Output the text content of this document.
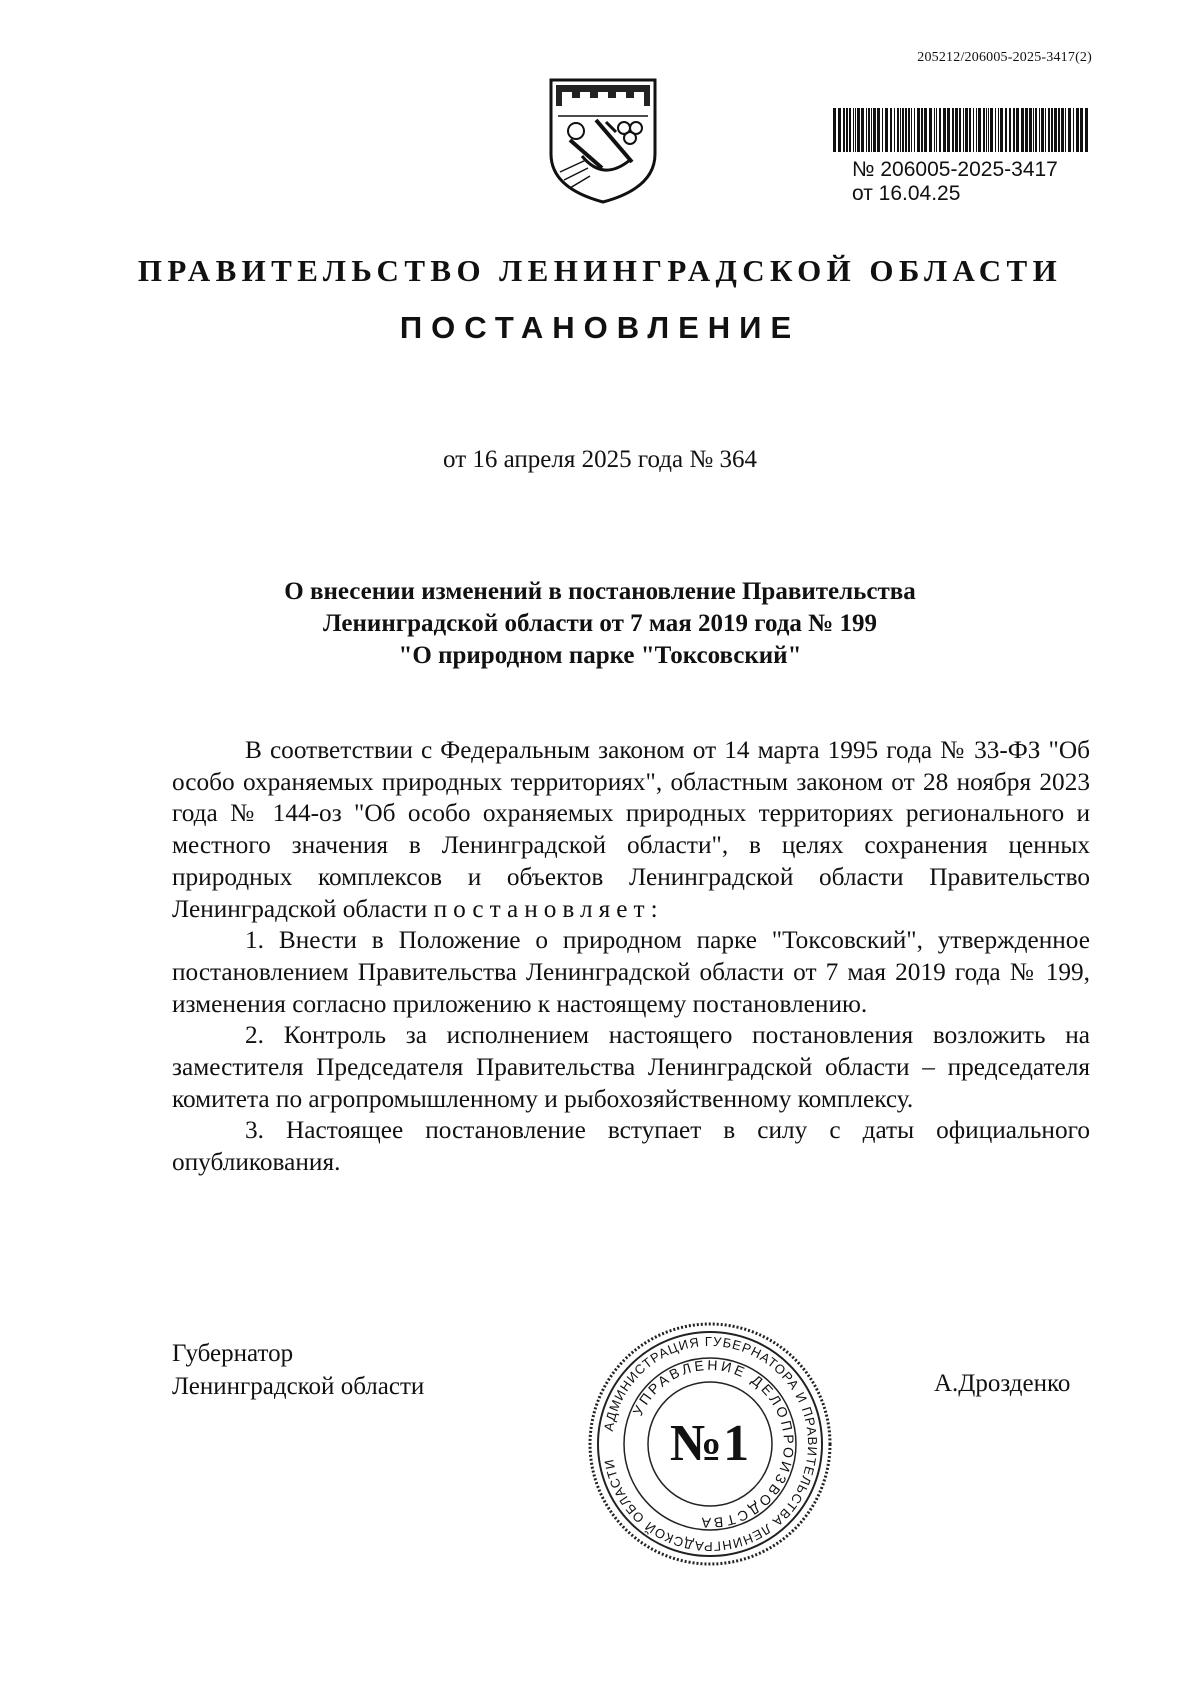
205212/206005-2025-3417(2)
№ 206005-2025-3417
от 16.04.25
ПРАВИТЕЛЬСТВО ЛЕНИНГРАДСКОЙ ОБЛАСТИ
ПОСТАНОВЛЕНИЕ
от 16 апреля 2025 года № 364
О внесении изменений в постановление Правительства
Ленинградской области от 7 мая 2019 года № 199
"О природном парке "Токсовский"

В соответствии с Федеральным законом от 14 марта 1995 года № 33-ФЗ "Об особо охраняемых природных территориях", областным законом от 28 ноября 2023 года № 144-оз "Об особо охраняемых природных территориях регионального и местного значения в Ленинградской области", в целях сохранения ценных природных комплексов и объектов Ленинградской области Правительство Ленинградской области постановляет:

1. Внести в Положение о природном парке "Токсовский", утвержденное постановлением Правительства Ленинградской области от 7 мая 2019 года № 199, изменения согласно приложению к настоящему постановлению.

2. Контроль за исполнением настоящего постановления возложить на заместителя Председателя Правительства Ленинградской области – председателя комитета по агропромышленному и рыбохозяйственному комплексу.

3. Настоящее постановление вступает в силу с даты официального опубликования.

Губернатор
Ленинградской области	А.Дрозденко
АДМИНИСТРАЦИЯ ГУБЕРНАТОРА И ПРАВИТЕЛЬСТВА ЛЕНИНГРАДСКОЙ ОБЛАСТИ
УПРАВЛЕНИЕ ДЕЛОПРОИЗВОДСТВА
№1
